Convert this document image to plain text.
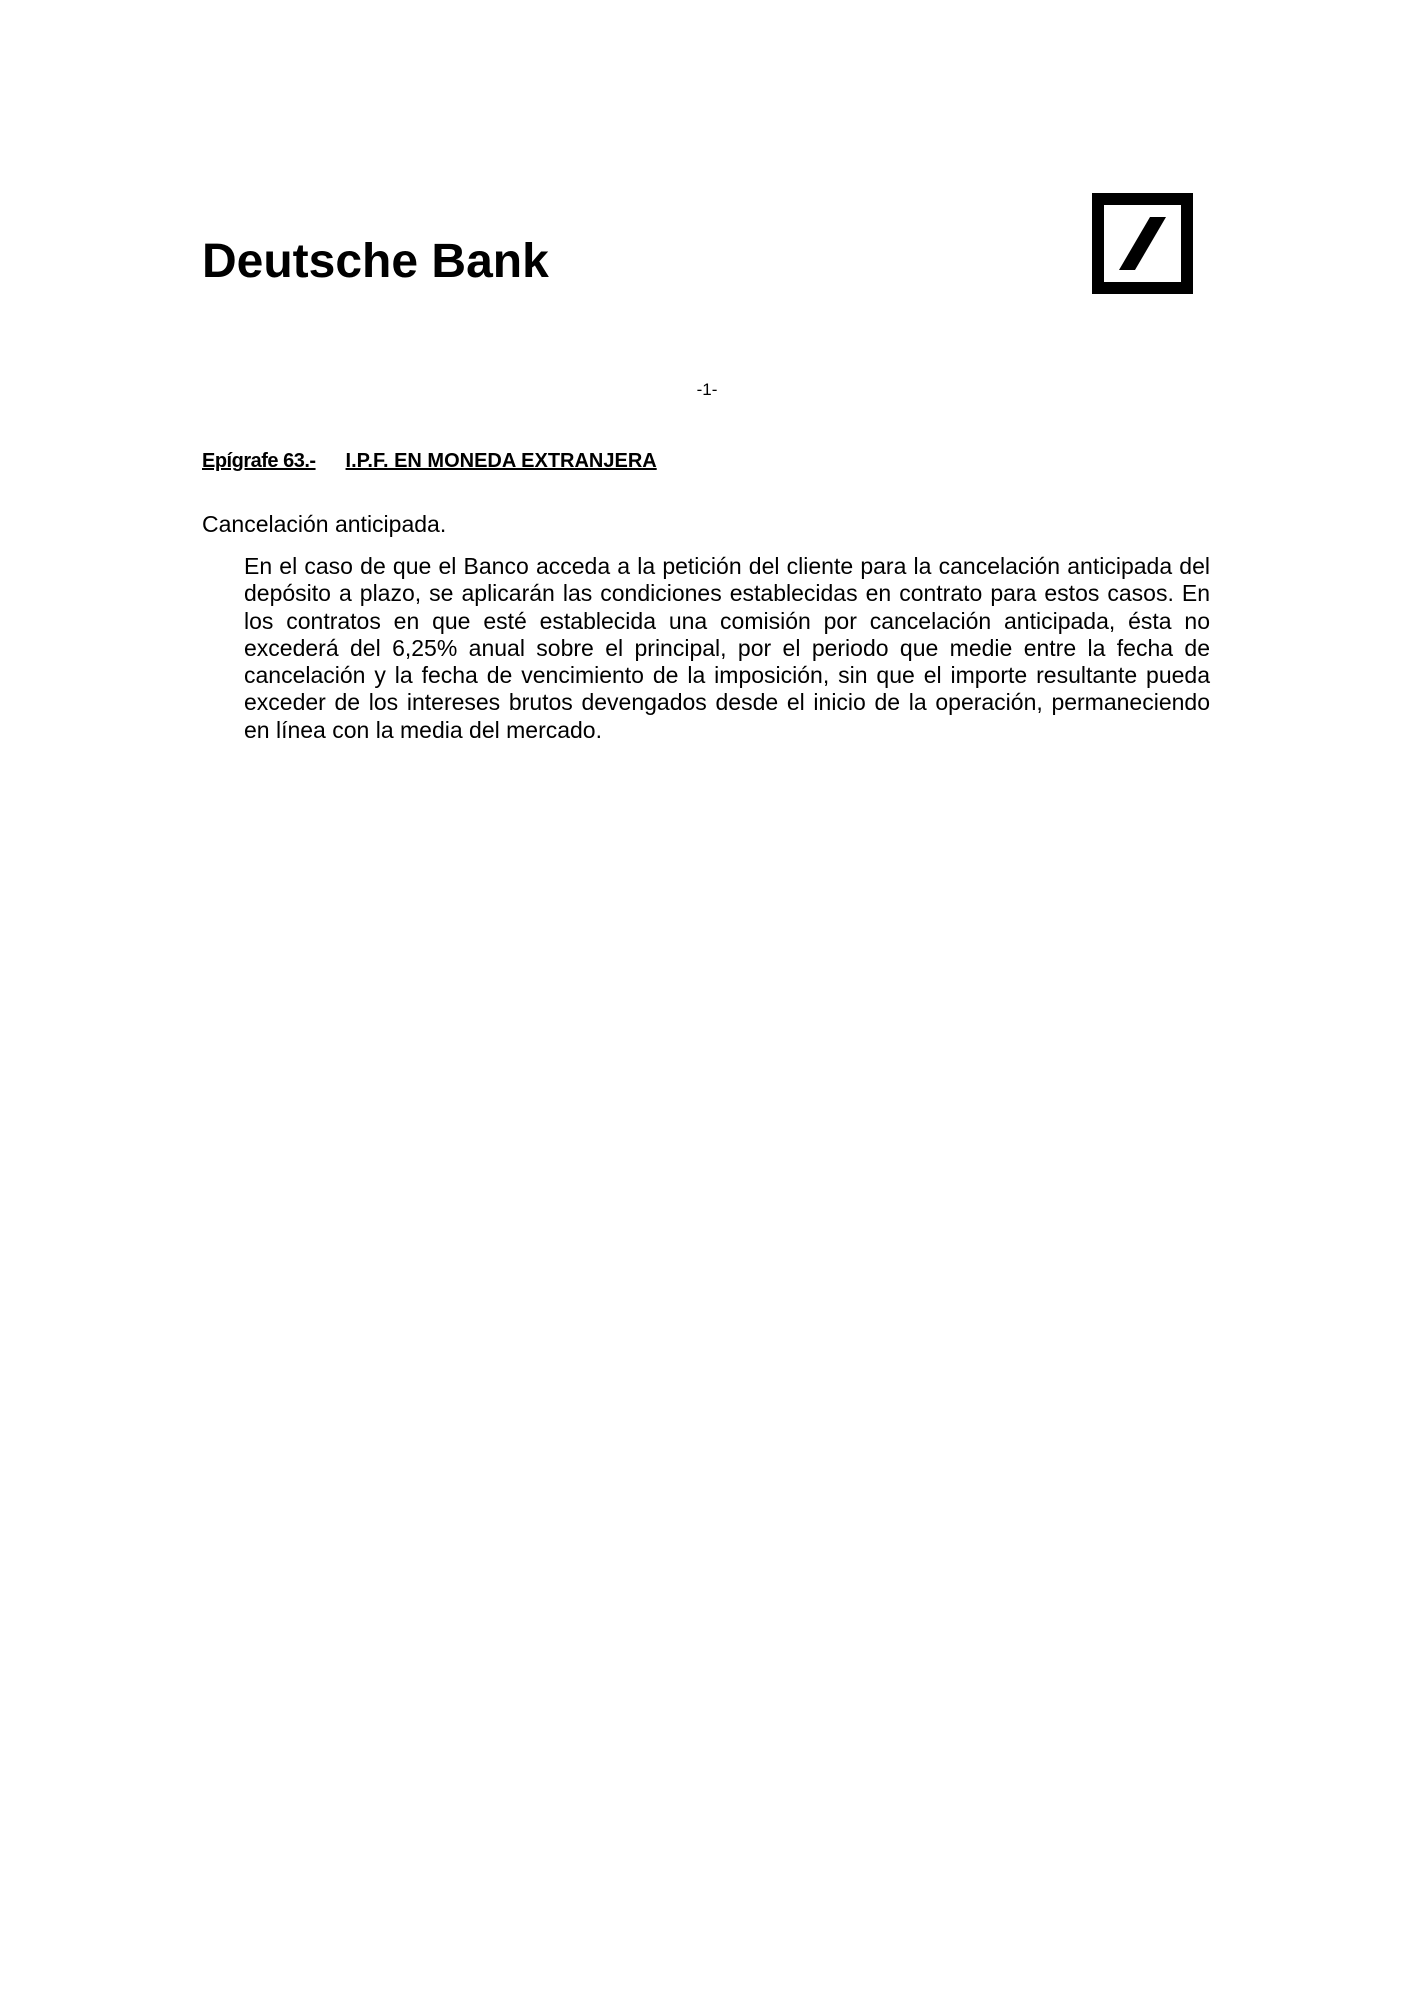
Deutsche Bank
-1-
Epígrafe 63.- I.P.F. EN MONEDA EXTRANJERA
Cancelación anticipada.

En el caso de que el Banco acceda a la petición del cliente para la cancelación anticipada del depósito a plazo, se aplicarán las condiciones establecidas en contrato para estos casos. En los contratos en que esté establecida una comisión por cancelación anticipada, ésta no excederá del 6,25% anual sobre el principal, por el periodo que medie entre la fecha de cancelación y la fecha de vencimiento de la imposición, sin que el importe resultante pueda exceder de los intereses brutos devengados desde el inicio de la operación, permaneciendo en línea con la media del mercado.
